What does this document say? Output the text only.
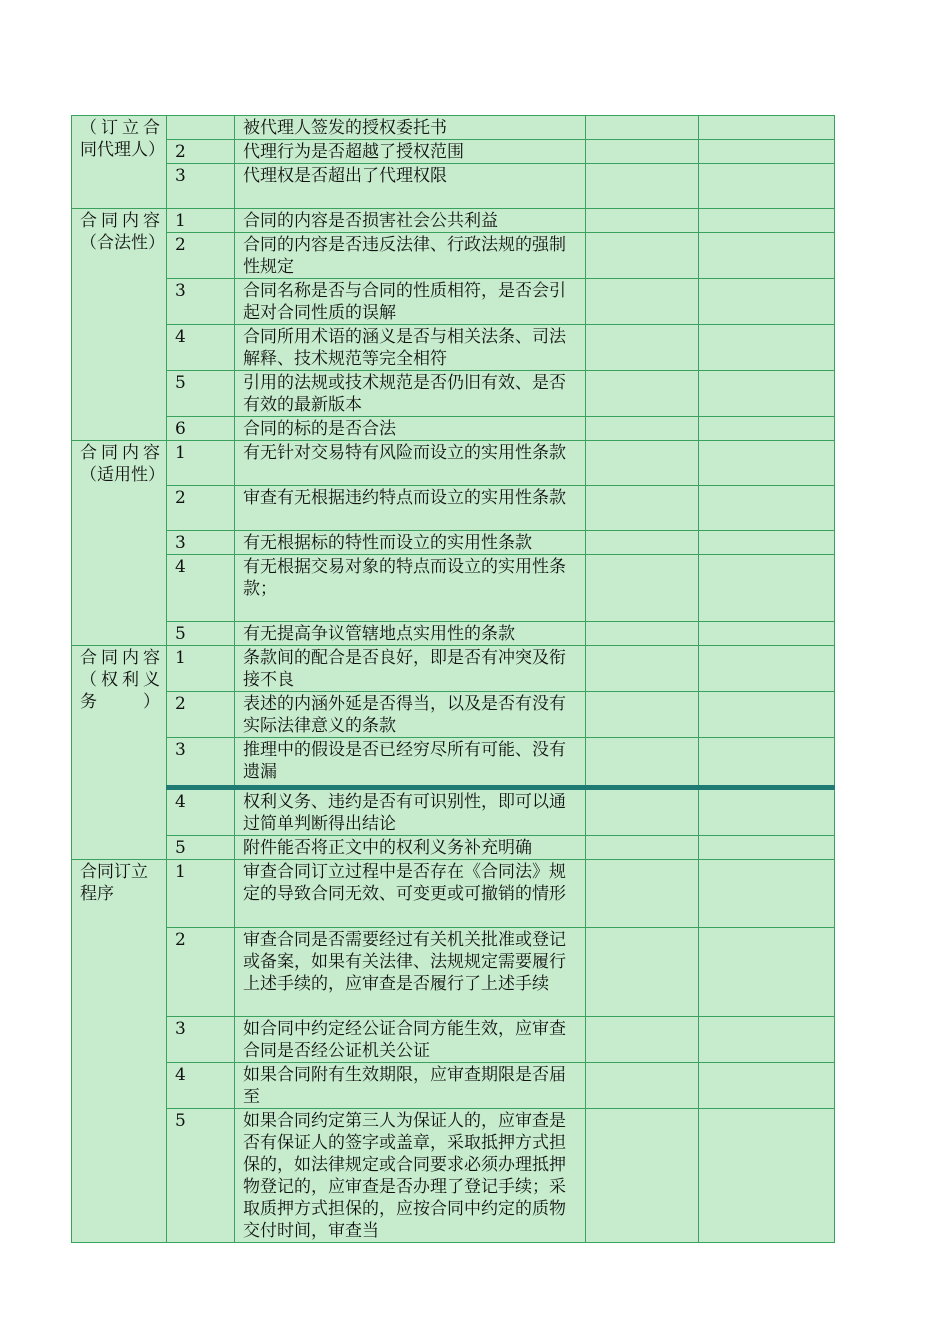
（订立合同代理人）		被代理人签发的授权委托书		
	2	代理行为是否超越了授权范围		
	3	代理权是否超出了代理权限		
合同内容（合法性）	1	合同的内容是否损害社会公共利益		
	2	合同的内容是否违反法律、行政法规的强制性规定		
	3	合同名称是否与合同的性质相符，是否会引起对合同性质的误解		
	4	合同所用术语的涵义是否与相关法条、司法解释、技术规范等完全相符		
	5	引用的法规或技术规范是否仍旧有效、是否有效的最新版本		
	6	合同的标的是否合法		
合同内容（适用性）	1	有无针对交易特有风险而设立的实用性条款		
	2	审查有无根据违约特点而设立的实用性条款		
	3	有无根据标的特性而设立的实用性条款		
	4	有无根据交易对象的特点而设立的实用性条款；		
	5	有无提高争议管辖地点实用性的条款		
合同内容（权利义务）	1	条款间的配合是否良好，即是否有冲突及衔接不良		
	2	表述的内涵外延是否得当，以及是否有没有实际法律意义的条款		
	3	推理中的假设是否已经穷尽所有可能、没有遗漏		
	4	权利义务、违约是否有可识别性，即可以通过简单判断得出结论		
	5	附件能否将正文中的权利义务补充明确		
合同订立程序	1	审查合同订立过程中是否存在《合同法》规定的导致合同无效、可变更或可撤销的情形		
	2	审查合同是否需要经过有关机关批准或登记或备案，如果有关法律、法规规定需要履行上述手续的，应审查是否履行了上述手续		
	3	如合同中约定经公证合同方能生效，应审查合同是否经公证机关公证		
	4	如果合同附有生效期限，应审查期限是否届至		
	5	如果合同约定第三人为保证人的，应审查是否有保证人的签字或盖章，采取抵押方式担保的，如法律规定或合同要求必须办理抵押物登记的，应审查是否办理了登记手续；采取质押方式担保的，应按合同中约定的质物交付时间，审查当		
